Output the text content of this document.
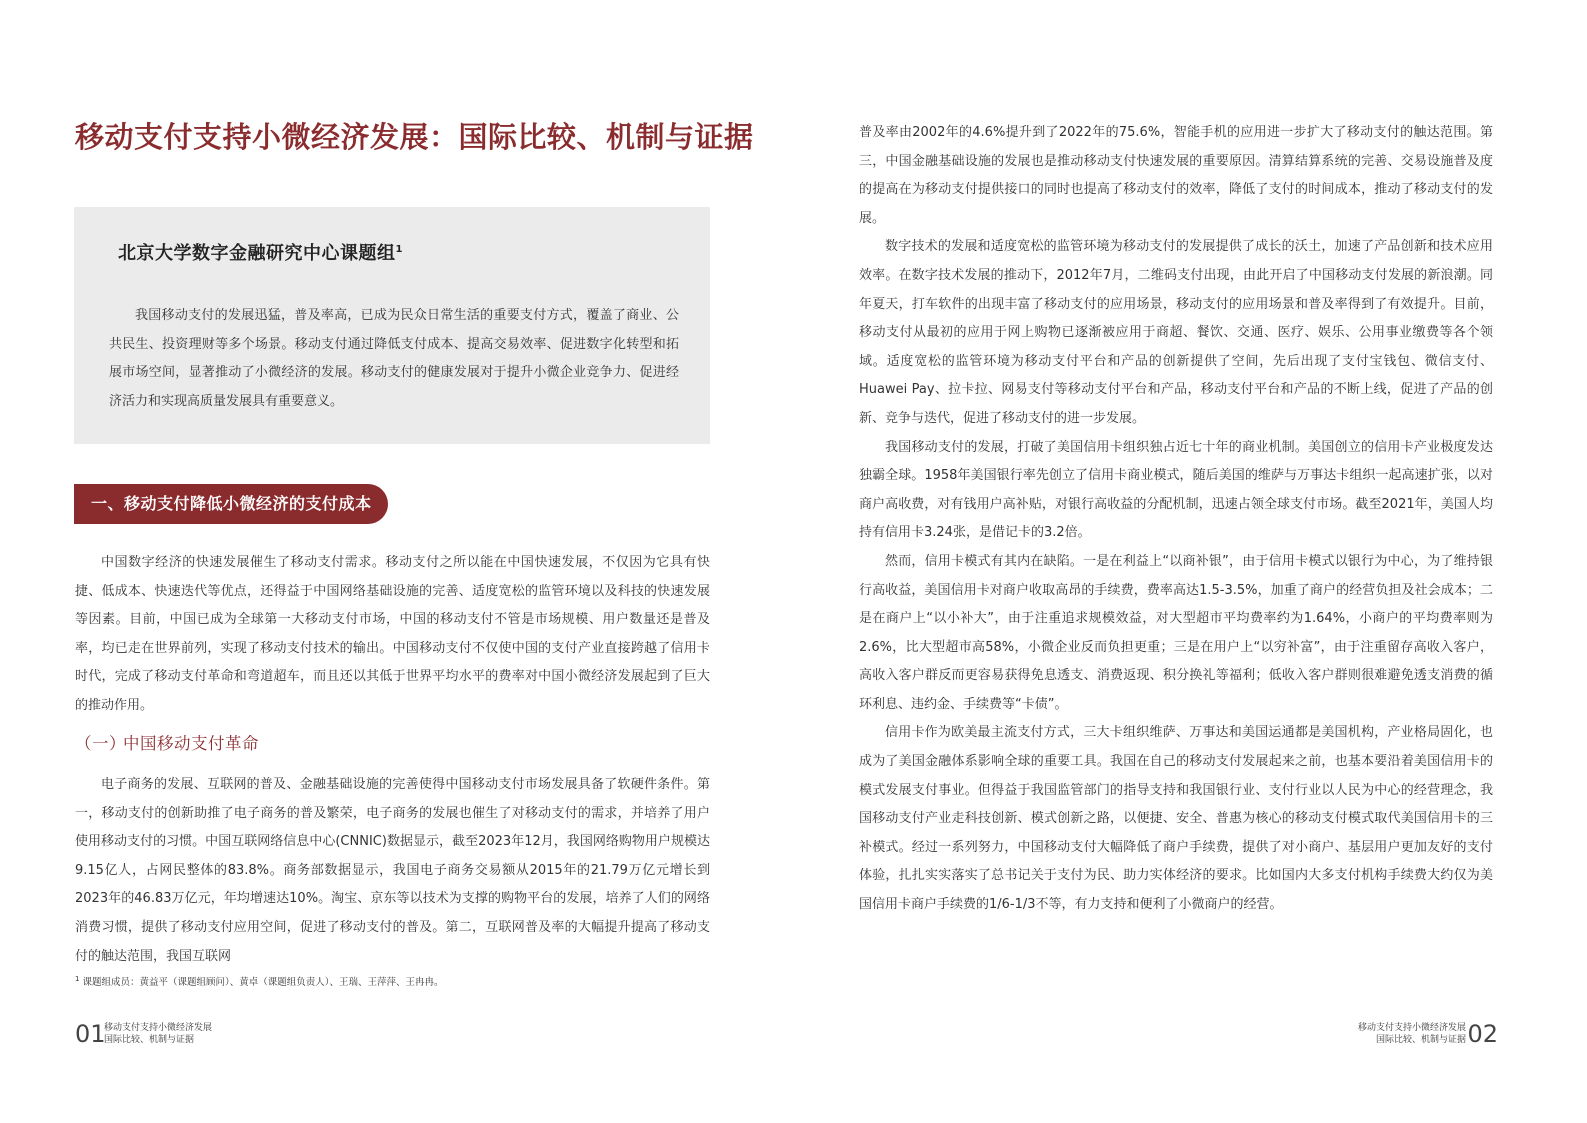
移动支付支持小微经济发展：国际比较、机制与证据
北京大学数字金融研究中心课题组$^1$

我国移动支付的发展迅猛，普及率高，已成为民众日常生活的重要支付方式，覆盖了商业、公共民生、投资理财等多个场景。移动支付通过降低支付成本、提高交易效率、促进数字化转型和拓展市场空间，显著推动了小微经济的发展。移动支付的健康发展对于提升小微企业竞争力、促进经济活力和实现高质量发展具有重要意义。

一、移动支付降低小微经济的支付成本

中国数字经济的快速发展催生了移动支付需求。移动支付之所以能在中国快速发展，不仅因为它具有快捷、低成本、快速迭代等优点，还得益于中国网络基础设施的完善、适度宽松的监管环境以及科技的快速发展等因素。目前，中国已成为全球第一大移动支付市场，中国的移动支付不管是市场规模、用户数量还是普及率，均已走在世界前列，实现了移动支付技术的输出。中国移动支付不仅使中国的支付产业直接跨越了信用卡时代，完成了移动支付革命和弯道超车，而且还以其低于世界平均水平的费率对中国小微经济发展起到了巨大的推动作用。

（一）中国移动支付革命

电子商务的发展、互联网的普及、金融基础设施的完善使得中国移动支付市场发展具备了软硬件条件。第一，移动支付的创新助推了电子商务的普及繁荣，电子商务的发展也催生了对移动支付的需求，并培养了用户使用移动支付的习惯。中国互联网络信息中心(CNNIC)数据显示，截至2023年12月，我国网络购物用户规模达9.15亿人，占网民整体的83.8%。商务部数据显示，我国电子商务交易额从2015年的21.79万亿元增长到2023年的46.83万亿元，年均增速达10%。淘宝、京东等以技术为支撑的购物平台的发展，培养了人们的网络消费习惯，提供了移动支付应用空间，促进了移动支付的普及。第二，互联网普及率的大幅提升提高了移动支付的触达范围，我国互联网

普及率由2002年的4.6%提升到了2022年的75.6%，智能手机的应用进一步扩大了移动支付的触达范围。第三，中国金融基础设施的发展也是推动移动支付快速发展的重要原因。清算结算系统的完善、交易设施普及度的提高在为移动支付提供接口的同时也提高了移动支付的效率，降低了支付的时间成本，推动了移动支付的发展。

数字技术的发展和适度宽松的监管环境为移动支付的发展提供了成长的沃土，加速了产品创新和技术应用效率。在数字技术发展的推动下，2012年7月，二维码支付出现，由此开启了中国移动支付发展的新浪潮。同年夏天，打车软件的出现丰富了移动支付的应用场景，移动支付的应用场景和普及率得到了有效提升。目前，移动支付从最初的应用于网上购物已逐渐被应用于商超、餐饮、交通、医疗、娱乐、公用事业缴费等各个领域。适度宽松的监管环境为移动支付平台和产品的创新提供了空间，先后出现了支付宝钱包、微信支付、Huawei Pay、拉卡拉、网易支付等移动支付平台和产品，移动支付平台和产品的不断上线，促进了产品的创新、竞争与迭代，促进了移动支付的进一步发展。

我国移动支付的发展，打破了美国信用卡组织独占近七十年的商业机制。美国创立的信用卡产业极度发达独霸全球。1958年美国银行率先创立了信用卡商业模式，随后美国的维萨与万事达卡组织一起高速扩张，以对商户高收费，对有钱用户高补贴，对银行高收益的分配机制，迅速占领全球支付市场。截至2021年，美国人均持有信用卡3.24张，是借记卡的3.2倍。

然而，信用卡模式有其内在缺陷。一是在利益上“以商补银”，由于信用卡模式以银行为中心，为了维持银行高收益，美国信用卡对商户收取高昂的手续费，费率高达1.5-3.5%，加重了商户的经营负担及社会成本；二是在商户上“以小补大”，由于注重追求规模效益，对大型超市平均费率约为1.64%，小商户的平均费率则为2.6%，比大型超市高58%，小微企业反而负担更重；三是在用户上“以穷补富”，由于注重留存高收入客户，高收入客户群反而更容易获得免息透支、消费返现、积分换礼等福利；低收入客户群则很难避免透支消费的循环利息、违约金、手续费等“卡债”。

信用卡作为欧美最主流支付方式，三大卡组织维萨、万事达和美国运通都是美国机构，产业格局固化，也成为了美国金融体系影响全球的重要工具。我国在自己的移动支付发展起来之前，也基本要沿着美国信用卡的模式发展支付事业。但得益于我国监管部门的指导支持和我国银行业、支付行业以人民为中心的经营理念，我国移动支付产业走科技创新、模式创新之路，以便捷、安全、普惠为核心的移动支付模式取代美国信用卡的三补模式。经过一系列努力，中国移动支付大幅降低了商户手续费，提供了对小商户、基层用户更加友好的支付体验，扎扎实实落实了总书记关于支付为民、助力实体经济的要求。比如国内大多支付机构手续费大约仅为美国信用卡商户手续费的1/6-1/3不等，有力支持和便利了小微商户的经营。

$^1$ 课题组成员：黄益平（课题组顾问）、黄卓（课题组负责人）、王瑞、王萍萍、王冉冉。
01
移动支付支持小微经济发展
国际比较、机制与证据
移动支付支持小微经济发展
国际比较、机制与证据 02
